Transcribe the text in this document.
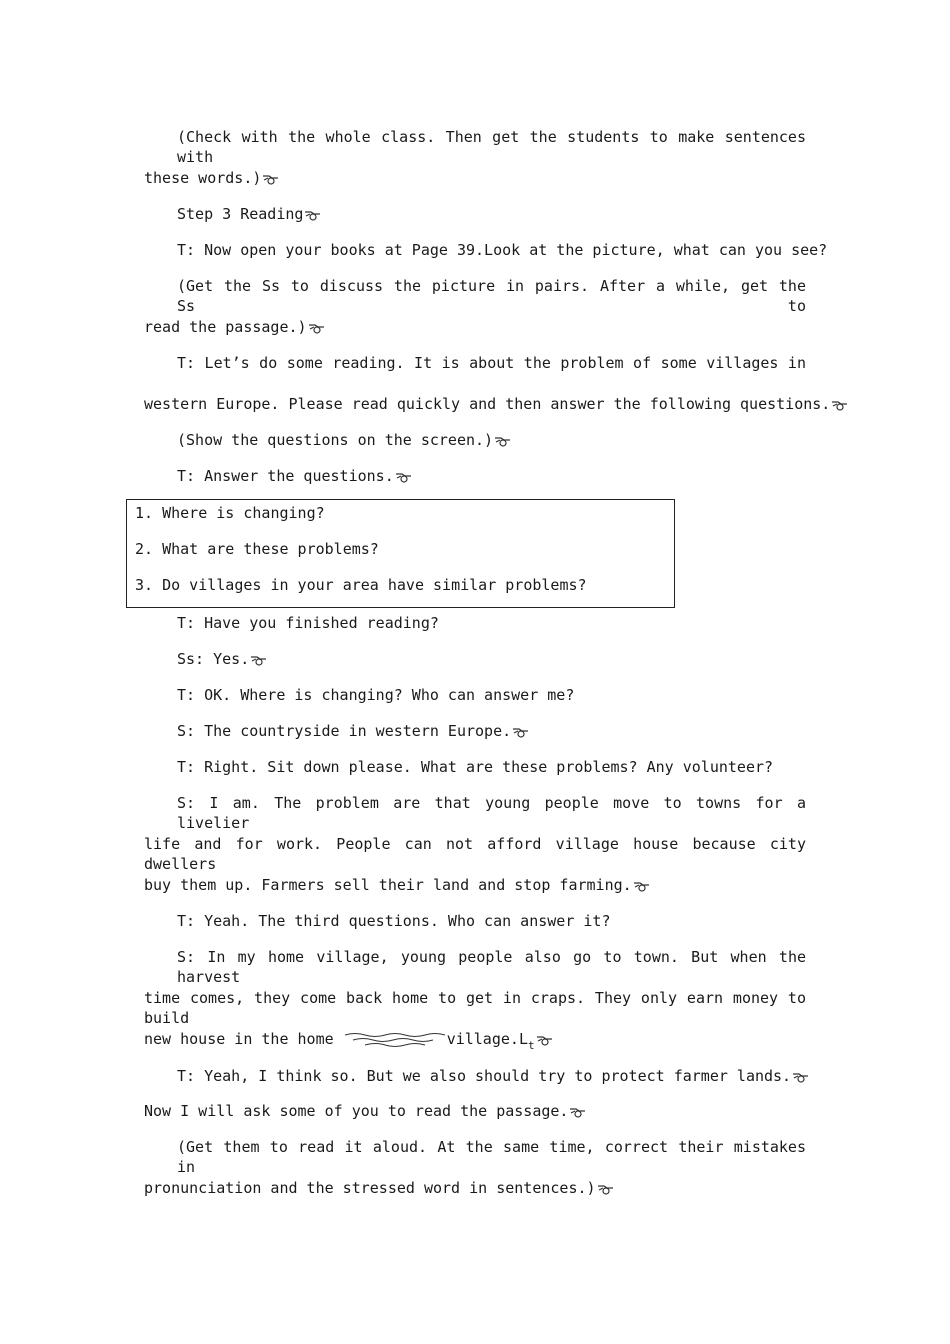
(Check with the whole class. Then get the students to make sentences with
these words.)
Step 3 Reading
T: Now open your books at Page 39.Look at the picture, what can you see?
(Get the Ss to discuss the picture in pairs. After a while, get the Ss to
read the passage.)
T: Let’s do some reading. It is about the problem of some villages in
western Europe. Please read quickly and then answer the following questions.
(Show the questions on the screen.)
T: Answer the questions.
1. Where is changing?
2. What are these problems?
3. Do villages in your area have similar problems?
T: Have you finished reading?
Ss: Yes.
T: OK. Where is changing? Who can answer me?
S: The countryside in western Europe.
T: Right. Sit down please. What are these problems? Any volunteer?
S: I am. The problem are that young people move to towns for a livelier
life and for work. People can not afford village house because city dwellers
buy them up. Farmers sell their land and stop farming.
T: Yeah. The third questions. Who can answer it?
S: In my home village, young people also go to town. But when the harvest
time comes, they come back home to get in craps. They only earn money to build
new house in the home	$village.L_t$
T: Yeah, I think so. But we also should try to protect farmer lands.
Now I will ask some of you to read the passage.
(Get them to read it aloud. At the same time, correct their mistakes in
pronunciation and the stressed word in sentences.)
